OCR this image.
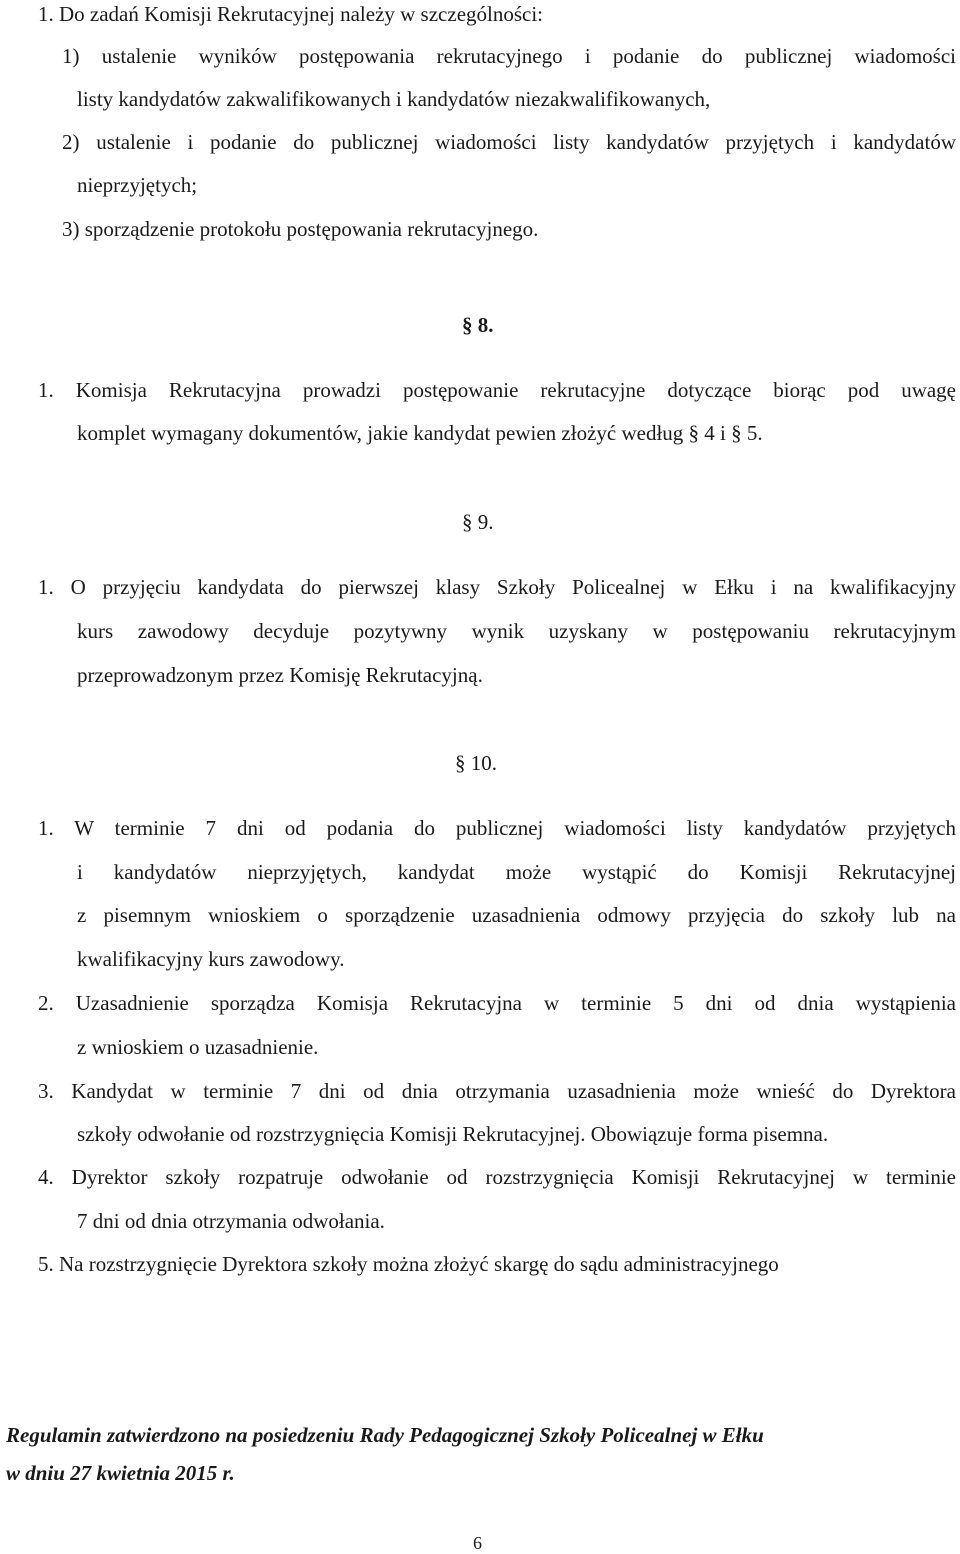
1. Do zadań Komisji Rekrutacyjnej należy w szczególności:
1) ustalenie wyników postępowania rekrutacyjnego i podanie do publicznej wiadomości
listy kandydatów zakwalifikowanych i kandydatów niezakwalifikowanych,
2) ustalenie i podanie do publicznej wiadomości listy kandydatów przyjętych i kandydatów
nieprzyjętych;
3) sporządzenie protokołu postępowania rekrutacyjnego.
§ 8.
1. Komisja Rekrutacyjna prowadzi postępowanie rekrutacyjne dotyczące biorąc pod uwagę
komplet wymagany dokumentów, jakie kandydat pewien złożyć według § 4 i § 5.
§ 9.
1. O przyjęciu kandydata do pierwszej klasy Szkoły Policealnej w Ełku i na kwalifikacyjny
kurs zawodowy decyduje pozytywny wynik uzyskany w postępowaniu rekrutacyjnym
przeprowadzonym przez Komisję Rekrutacyjną.
§ 10.
1. W terminie 7 dni od podania do publicznej wiadomości listy kandydatów przyjętych
i kandydatów nieprzyjętych, kandydat może wystąpić do Komisji Rekrutacyjnej
z pisemnym wnioskiem o sporządzenie uzasadnienia odmowy przyjęcia do szkoły lub na
kwalifikacyjny kurs zawodowy.
2. Uzasadnienie sporządza Komisja Rekrutacyjna w terminie 5 dni od dnia wystąpienia
z wnioskiem o uzasadnienie.
3. Kandydat w terminie 7 dni od dnia otrzymania uzasadnienia może wnieść do Dyrektora
szkoły odwołanie od rozstrzygnięcia Komisji Rekrutacyjnej. Obowiązuje forma pisemna.
4. Dyrektor szkoły rozpatruje odwołanie od rozstrzygnięcia Komisji Rekrutacyjnej w terminie
7 dni od dnia otrzymania odwołania.
5. Na rozstrzygnięcie Dyrektora szkoły można złożyć skargę do sądu administracyjnego
Regulamin zatwierdzono na posiedzeniu Rady Pedagogicznej Szkoły Policealnej w Ełku
w dniu 27 kwietnia 2015 r.
6
